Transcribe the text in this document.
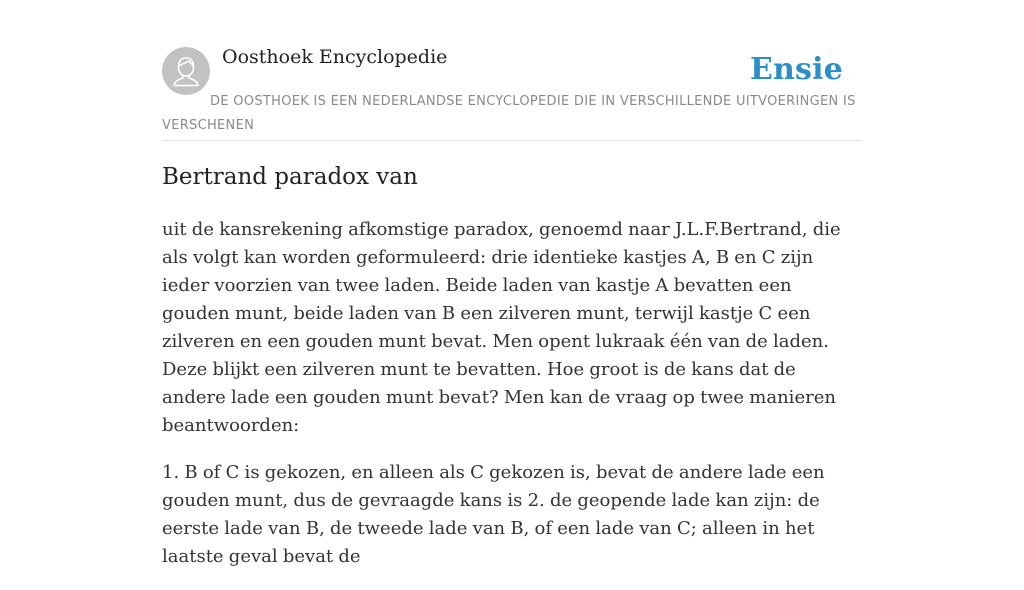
Oosthoek Encyclopedie	Ensie
DE OOSTHOEK IS EEN NEDERLANDSE ENCYCLOPEDIE DIE IN VERSCHILLENDE UITVOERINGEN IS VERSCHENEN
Bertrand paradox van

uit de kansrekening afkomstige paradox, genoemd naar J.L.F.Bertrand, die als volgt kan worden geformuleerd: drie identieke kastjes A, B en C zijn ieder voorzien van twee laden. Beide laden van kastje A bevatten een gouden munt, beide laden van B een zilveren munt, terwijl kastje C een zilveren en een gouden munt bevat. Men opent lukraak één van de laden. Deze blijkt een zilveren munt te bevatten. Hoe groot is de kans dat de andere lade een gouden munt bevat? Men kan de vraag op twee manieren beantwoorden:

1. B of C is gekozen, en alleen als C gekozen is, bevat de andere lade een gouden munt, dus de gevraagde kans is 2. de geopende lade kan zijn: de eerste lade van B, de tweede lade van B, of een lade van C; alleen in het laatste geval bevat de
